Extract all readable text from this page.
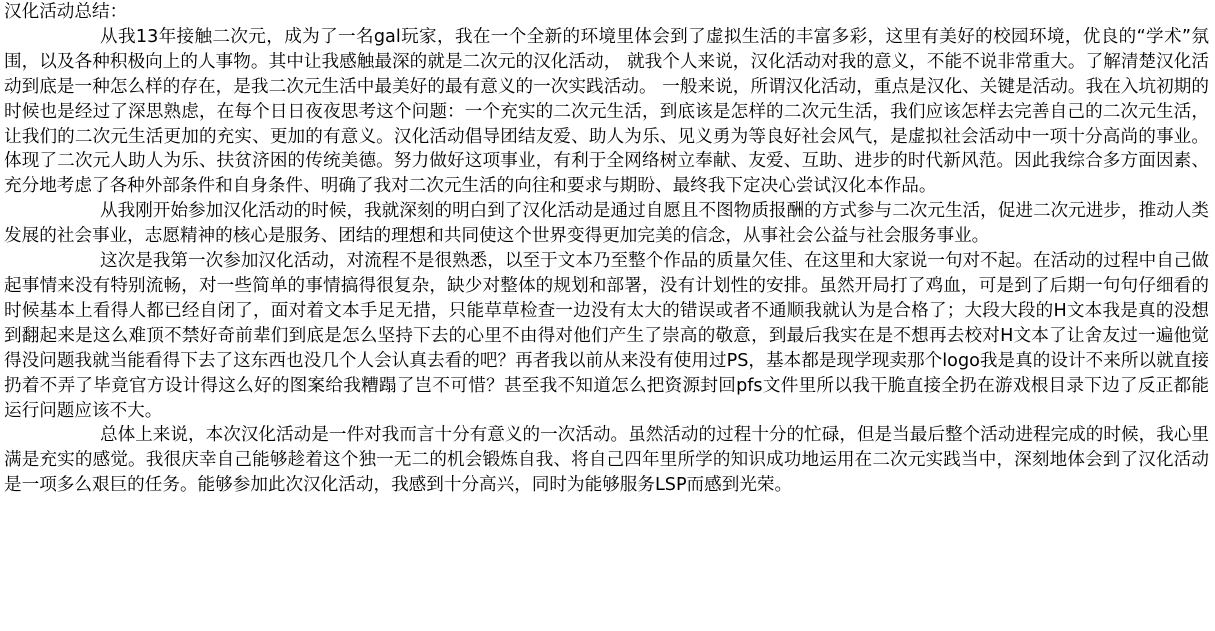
汉化活动总结：

从我13年接触二次元，成为了一名gal玩家，我在一个全新的环境里体会到了虚拟生活的丰富多彩，这里有美好的校园环境，优良的“学术”氛围，以及各种积极向上的人事物。其中让我感触最深的就是二次元的汉化活动， 就我个人来说，汉化活动对我的意义，不能不说非常重大。了解清楚汉化活动到底是一种怎么样的存在，是我二次元生活中最美好的最有意义的一次实践活动。 一般来说，所谓汉化活动，重点是汉化、关键是活动。我在入坑初期的时候也是经过了深思熟虑，在每个日日夜夜思考这个问题：一个充实的二次元生活，到底该是怎样的二次元生活，我们应该怎样去完善自己的二次元生活，让我们的二次元生活更加的充实、更加的有意义。汉化活动倡导团结友爱、助人为乐、见义勇为等良好社会风气，是虚拟社会活动中一项十分高尚的事业。体现了二次元人助人为乐、扶贫济困的传统美德。努力做好这项事业，有利于全网络树立奉献、友爱、互助、进步的时代新风范。因此我综合多方面因素、充分地考虑了各种外部条件和自身条件、明确了我对二次元生活的向往和要求与期盼、最终我下定决心尝试汉化本作品。

从我刚开始参加汉化活动的时候，我就深刻的明白到了汉化活动是通过自愿且不图物质报酬的方式参与二次元生活，促进二次元进步，推动人类发展的社会事业，志愿精神的核心是服务、团结的理想和共同使这个世界变得更加完美的信念，从事社会公益与社会服务事业。

这次是我第一次参加汉化活动，对流程不是很熟悉，以至于文本乃至整个作品的质量欠佳、在这里和大家说一句对不起。在活动的过程中自己做起事情来没有特别流畅，对一些简单的事情搞得很复杂，缺少对整体的规划和部署，没有计划性的安排。虽然开局打了鸡血，可是到了后期一句句仔细看的时候基本上看得人都已经自闭了，面对着文本手足无措，只能草草检查一边没有太大的错误或者不通顺我就认为是合格了；大段大段的H文本我是真的没想到翻起来是这么难顶不禁好奇前辈们到底是怎么坚持下去的心里不由得对他们产生了崇高的敬意，到最后我实在是不想再去校对H文本了让舍友过一遍他觉得没问题我就当能看得下去了这东西也没几个人会认真去看的吧？再者我以前从来没有使用过PS，基本都是现学现卖那个logo我是真的设计不来所以就直接扔着不弄了毕竟官方设计得这么好的图案给我糟蹋了岂不可惜？甚至我不知道怎么把资源封回pfs文件里所以我干脆直接全扔在游戏根目录下边了反正都能运行问题应该不大。

总体上来说，本次汉化活动是一件对我而言十分有意义的一次活动。虽然活动的过程十分的忙碌，但是当最后整个活动进程完成的时候，我心里满是充实的感觉。我很庆幸自己能够趁着这个独一无二的机会锻炼自我、将自己四年里所学的知识成功地运用在二次元实践当中，深刻地体会到了汉化活动是一项多么艰巨的任务。能够参加此次汉化活动，我感到十分高兴，同时为能够服务LSP而感到光荣。
